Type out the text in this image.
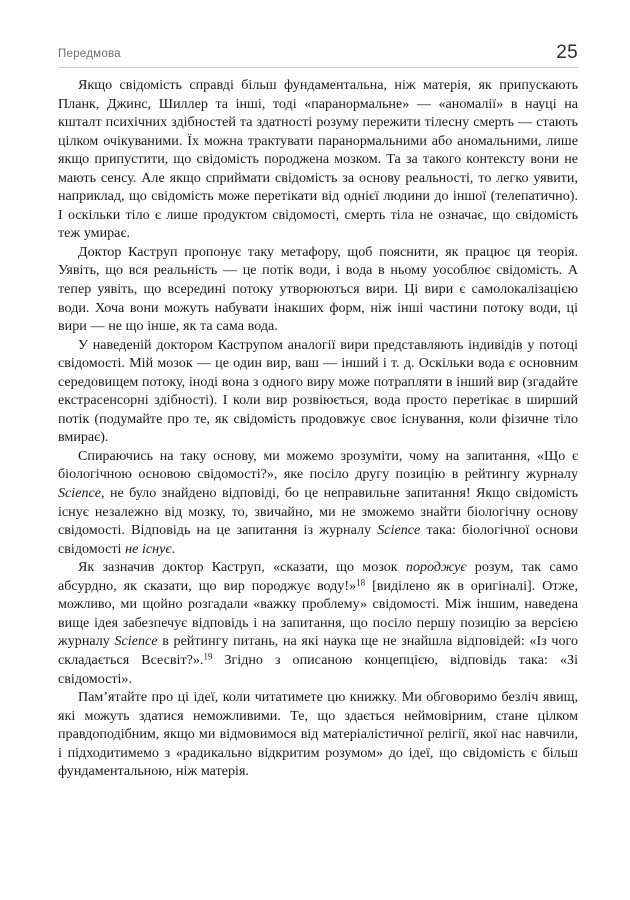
Передмова	25

Якщо свідомість справді більш фундаментальна, ніж матерія, як припускають Планк, Джинс, Шиллер та інші, тоді «паранормальне» — «аномалії» в науці на кшталт психічних здібностей та здатності розуму пережити тілесну смерть — стають цілком очікуваними. Їх можна трактувати паранормальними або аномальними, лише якщо припустити, що свідомість породжена мозком. Та за такого контексту вони не мають сенсу. Але якщо сприймати свідомість за основу реальності, то легко уявити, наприклад, що свідомість може перетікати від однієї людини до іншої (телепатично). І оскільки тіло є лише продуктом свідомості, смерть тіла не означає, що свідомість теж умирає.

Доктор Каструп пропонує таку метафору, щоб пояснити, як працює ця теорія. Уявіть, що вся реальність — це потік води, і вода в ньому уособлює свідомість. А тепер уявіть, що всередині потоку утворюються вири. Ці вири є самолокалізацією води. Хоча вони можуть набувати інакших форм, ніж інші частини потоку води, ці вири — не що інше, як та сама вода.

У наведеній доктором Каструпом аналогії вири представляють індивідів у потоці свідомості. Мій мозок — це один вир, ваш — інший і т. д. Оскільки вода є основним середовищем потоку, іноді вона з одного виру може потрапляти в інший вир (згадайте екстрасенсорні здібності). І коли вир розвіюється, вода просто перетікає в ширший потік (подумайте про те, як свідомість продовжує своє існування, коли фізичне тіло вмирає).

Спираючись на таку основу, ми можемо зрозуміти, чому на запитання, «Що є біологічною основою свідомості?», яке посіло другу позицію в рейтингу журналу Science, не було знайдено відповіді, бо це неправильне запитання! Якщо свідомість існує незалежно від мозку, то, звичайно, ми не зможемо знайти біологічну основу свідомості. Відповідь на це запитання із журналу Science така: біологічної основи свідомості не існує.

Як зазначив доктор Каструп, «сказати, що мозок породжує розум, так само абсурдно, як сказати, що вир породжує воду!»$^{18}$ [виділено як в оригіналі]. Отже, можливо, ми щойно розгадали «важку проблему» свідомості. Між іншим, наведена вище ідея забезпечує відповідь і на запитання, що посіло першу позицію за версією журналу Science в рейтингу питань, на які наука ще не знайшла відповідей: «Із чого складається Всесвіт?».$^{19}$ Згідно з описаною концепцією, відповідь така: «Зі свідомості».

Пам’ятайте про ці ідеї, коли читатимете цю книжку. Ми обговоримо безліч явищ, які можуть здатися неможливими. Те, що здається неймовірним, стане цілком правдоподібним, якщо ми відмовимося від матеріалістичної релігії, якої нас навчили, і підходитимемо з «радикально відкритим розумом» до ідеї, що свідомість є більш фундаментальною, ніж матерія.
